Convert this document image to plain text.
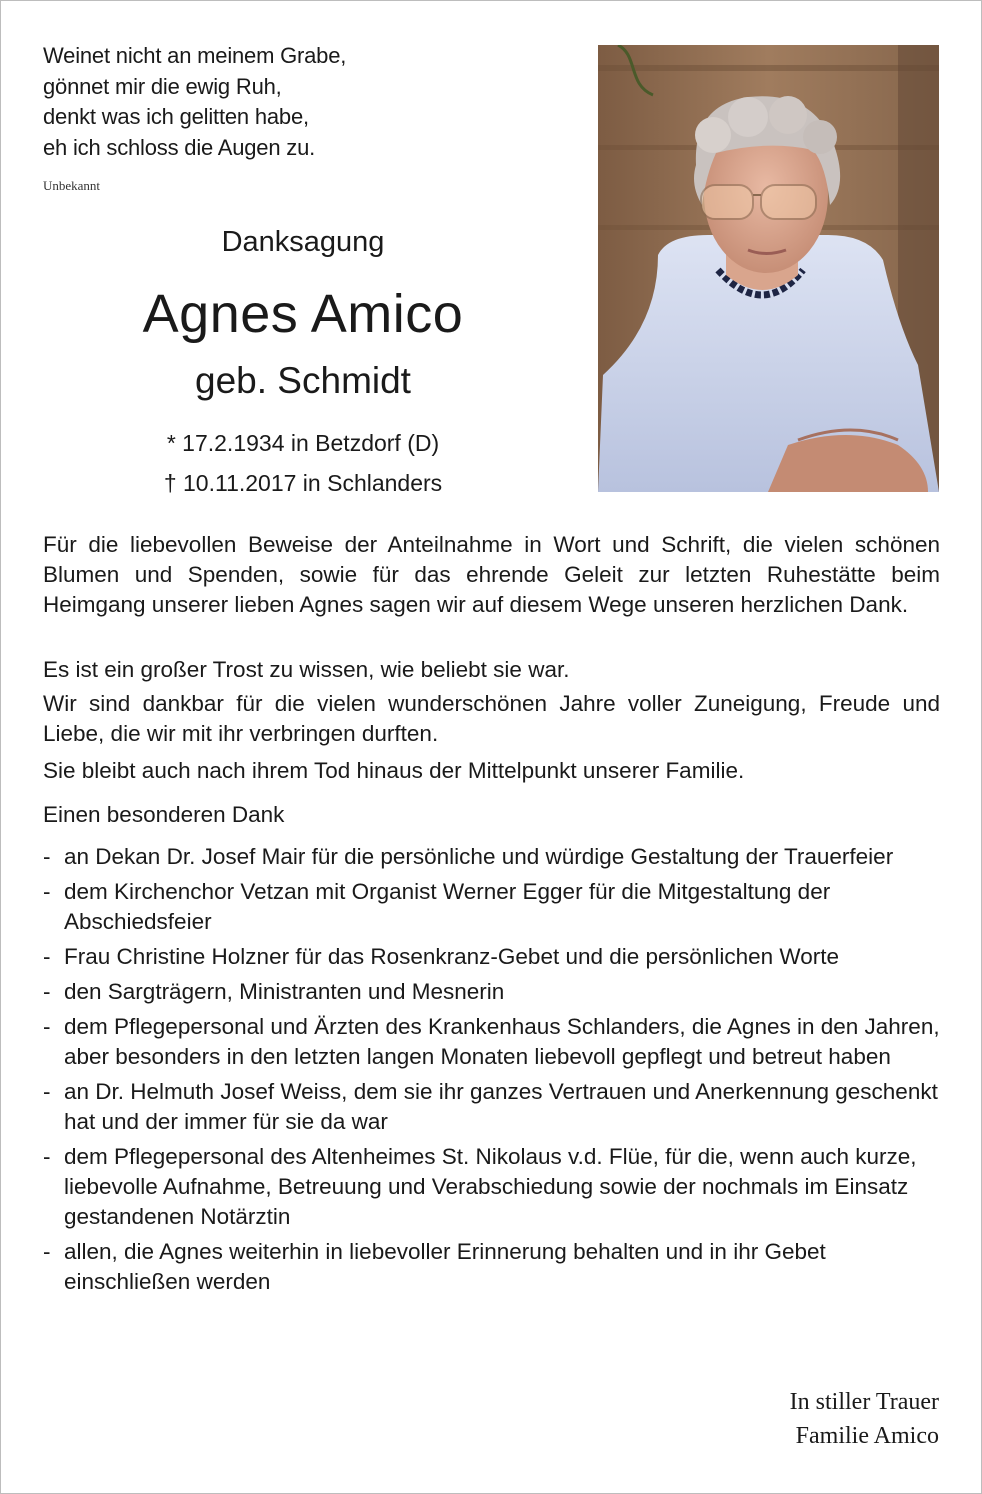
Weinet nicht an meinem Grabe,
gönnet mir die ewig Ruh,
denkt was ich gelitten habe,
eh ich schloss die Augen zu.
Unbekannt
Danksagung
Agnes Amico
geb. Schmidt
* 17.2.1934 in Betzdorf (D)
† 10.11.2017 in Schlanders

Für die liebevollen Beweise der Anteilnahme in Wort und Schrift, die vielen schönen Blumen und Spenden, sowie für das ehrende Geleit zur letzten Ruhestätte beim Heimgang unserer lieben Agnes sagen wir auf diesem Wege unseren herzlichen Dank.

Es ist ein großer Trost zu wissen, wie beliebt sie war.

Wir sind dankbar für die vielen wunderschönen Jahre voller Zuneigung, Freude und Liebe, die wir mit ihr verbringen durften.

Sie bleibt auch nach ihrem Tod hinaus der Mittelpunkt unserer Familie.

Einen besonderen Dank

- an Dekan Dr. Josef Mair für die persönliche und würdige Gestaltung der Trauerfeier
- dem Kirchenchor Vetzan mit Organist Werner Egger für die Mitgestaltung der Abschiedsfeier
- Frau Christine Holzner für das Rosenkranz-Gebet und die persönlichen Worte
- den Sargträgern, Ministranten und Mesnerin
- dem Pflegepersonal und Ärzten des Krankenhaus Schlanders, die Agnes in den Jahren, aber besonders in den letzten langen Monaten liebevoll gepflegt und betreut haben
- an Dr. Helmuth Josef Weiss, dem sie ihr ganzes Vertrauen und Anerkennung geschenkt hat und der immer für sie da war
- dem Pflegepersonal des Altenheimes St. Nikolaus v.d. Flüe, für die, wenn auch kurze, liebevolle Aufnahme, Betreuung und Verabschiedung sowie der nochmals im Einsatz gestandenen Notärztin
- allen, die Agnes weiterhin in liebevoller Erinnerung behalten und in ihr Gebet einschließen werden
In stiller Trauer
Familie Amico
